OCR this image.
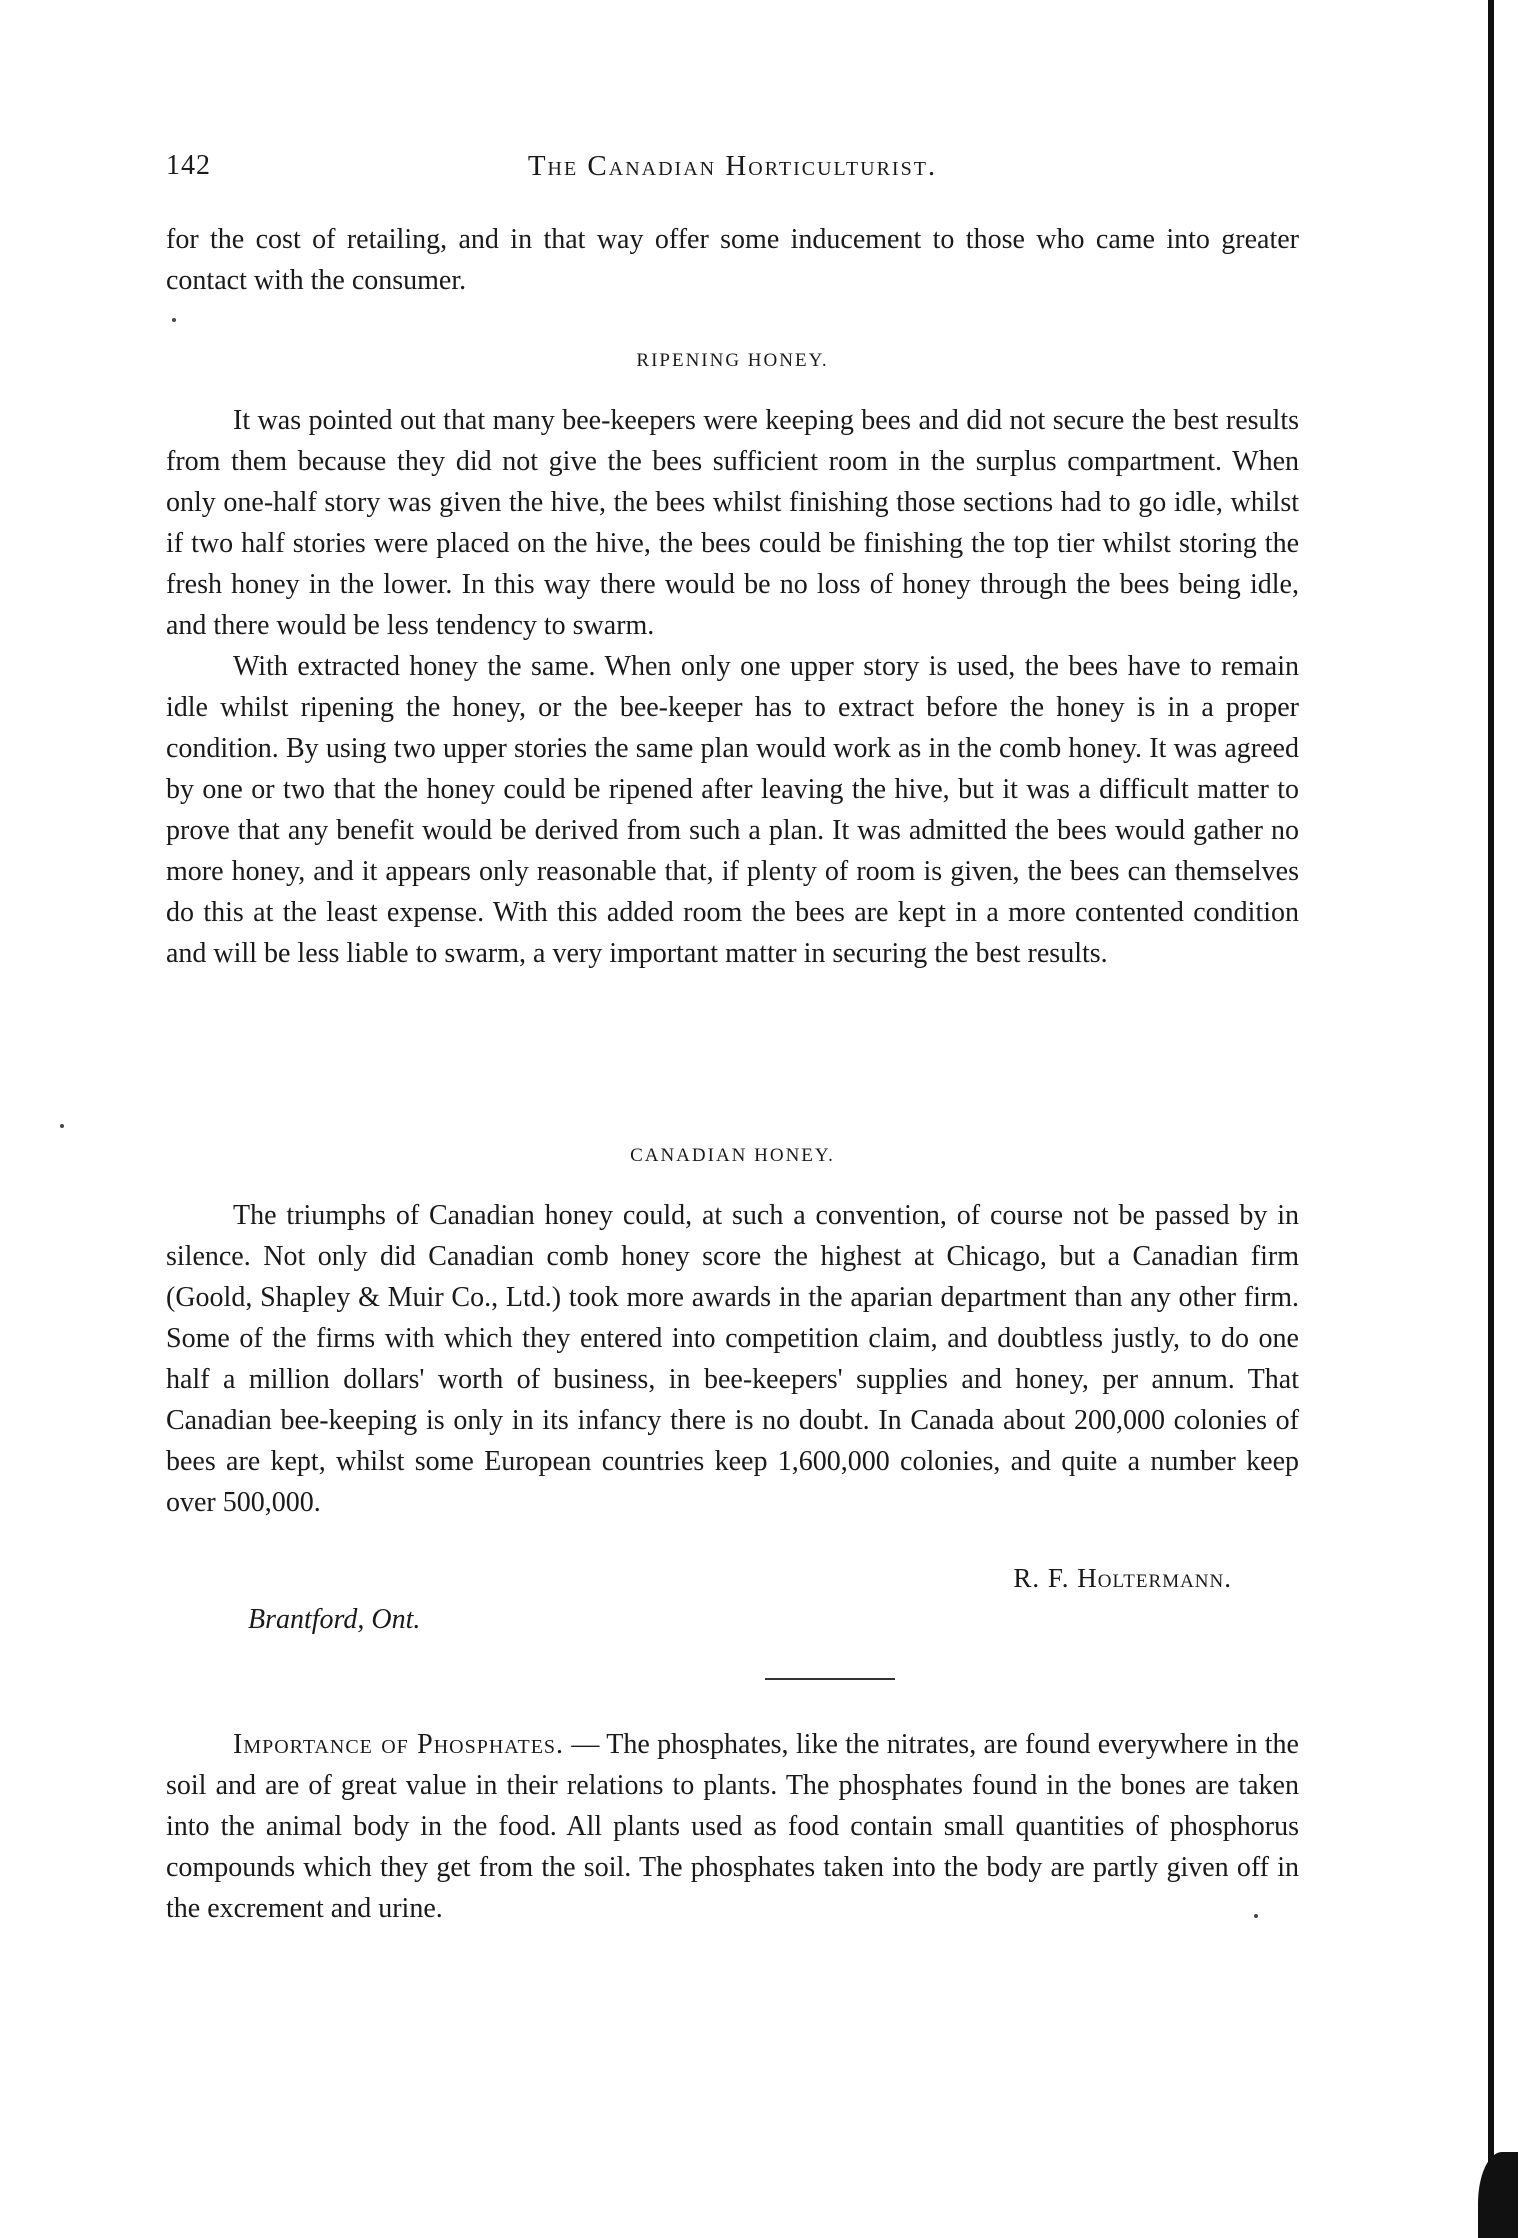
142	The Canadian Horticulturist.

for the cost of retailing, and in that way offer some inducement to those who came into greater contact with the consumer.

RIPENING HONEY.

It was pointed out that many bee-keepers were keeping bees and did not secure the best results from them because they did not give the bees sufficient room in the surplus compartment. When only one-half story was given the hive, the bees whilst finishing those sections had to go idle, whilst if two half stories were placed on the hive, the bees could be finishing the top tier whilst storing the fresh honey in the lower. In this way there would be no loss of honey through the bees being idle, and there would be less tendency to swarm.

With extracted honey the same. When only one upper story is used, the bees have to remain idle whilst ripening the honey, or the bee-keeper has to extract before the honey is in a proper condition. By using two upper stories the same plan would work as in the comb honey. It was agreed by one or two that the honey could be ripened after leaving the hive, but it was a difficult matter to prove that any benefit would be derived from such a plan. It was admitted the bees would gather no more honey, and it appears only reasonable that, if plenty of room is given, the bees can themselves do this at the least expense. With this added room the bees are kept in a more contented condition and will be less liable to swarm, a very important matter in securing the best results.

CANADIAN HONEY.

The triumphs of Canadian honey could, at such a convention, of course not be passed by in silence. Not only did Canadian comb honey score the highest at Chicago, but a Canadian firm (Goold, Shapley & Muir Co., Ltd.) took more awards in the aparian department than any other firm. Some of the firms with which they entered into competition claim, and doubtless justly, to do one half a million dollars' worth of business, in bee-keepers' supplies and honey, per annum. That Canadian bee-keeping is only in its infancy there is no doubt. In Canada about 200,000 colonies of bees are kept, whilst some European countries keep 1,600,000 colonies, and quite a number keep over 500,000.

R. F. Holtermann.
Brantford, Ont.

Importance of Phosphates. — The phosphates, like the nitrates, are found everywhere in the soil and are of great value in their relations to plants. The phosphates found in the bones are taken into the animal body in the food. All plants used as food contain small quantities of phosphorus compounds which they get from the soil. The phosphates taken into the body are partly given off in the excrement and urine.
